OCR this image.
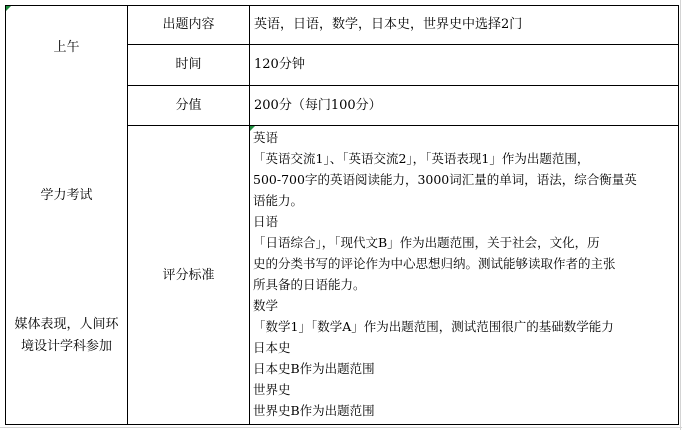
上午
学力考试
媒体表现，人间环
境设计学科参加
出题内容
时间
分值
评分标准
英语，日语，数学，日本史，世界史中选择2门
120分钟
200分（每门100分）

英语

「英语交流1」、「英语交流2」，「英语表现1」作为出题范围，

500-700字的英语阅读能力，3000词汇量的单词，语法，综合衡量英

语能力。

日语

「日语综合」，「现代文B」作为出题范围，关于社会，文化，历

史的分类书写的评论作为中心思想归纳。测试能够读取作者的主张

所具备的日语能力。

数学

「数学1」「数学A」作为出题范围，测试范围很广的基础数学能力

日本史

日本史B作为出题范围

世界史

世界史B作为出题范围
